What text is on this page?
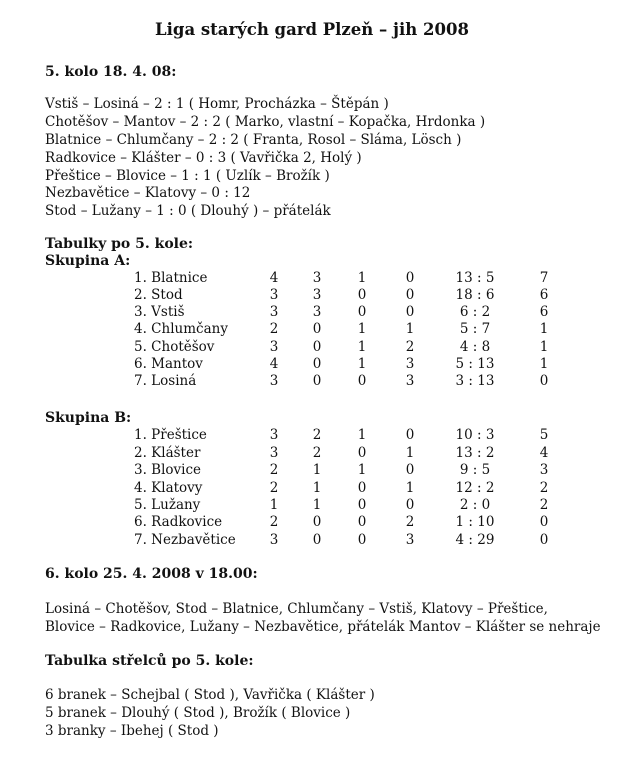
Liga starých gard Plzeň – jih 2008
5. kolo 18. 4. 08:
Vstiš – Losiná – 2 : 1 ( Homr, Procházka – Štěpán )
Chotěšov – Mantov – 2 : 2 ( Marko, vlastní – Kopačka, Hrdonka )
Blatnice – Chlumčany – 2 : 2 ( Franta, Rosol – Sláma, Lösch )
Radkovice – Klášter – 0 : 3 ( Vavřička 2, Holý )
Přeštice – Blovice – 1 : 1 ( Uzlík – Brožík )
Nezbavětice – Klatovy – 0 : 12
Stod – Lužany – 1 : 0 ( Dlouhý ) – přátelák
Tabulky po 5. kole:
Skupina A:
1. Blatnice	4	3	1	0	13 : 5	7
2. Stod	3	3	0	0	18 : 6	6
3. Vstiš	3	3	0	0	6 : 2	6
4. Chlumčany	2	0	1	1	5 : 7	1
5. Chotěšov	3	0	1	2	4 : 8	1
6. Mantov	4	0	1	3	5 : 13	1
7. Losiná	3	0	0	3	3 : 13	0
Skupina B:
1. Přeštice	3	2	1	0	10 : 3	5
2. Klášter	3	2	0	1	13 : 2	4
3. Blovice	2	1	1	0	9 : 5	3
4. Klatovy	2	1	0	1	12 : 2	2
5. Lužany	1	1	0	0	2 : 0	2
6. Radkovice	2	0	0	2	1 : 10	0
7. Nezbavětice	3	0	0	3	4 : 29	0
6. kolo 25. 4. 2008 v 18.00:
Losiná – Chotěšov, Stod – Blatnice, Chlumčany – Vstiš, Klatovy – Přeštice,
Blovice – Radkovice, Lužany – Nezbavětice, přátelák Mantov – Klášter se nehraje
Tabulka střelců po 5. kole:
6 branek – Schejbal ( Stod ), Vavřička ( Klášter )
5 branek – Dlouhý ( Stod ), Brožík ( Blovice )
3 branky – Ibehej ( Stod )
